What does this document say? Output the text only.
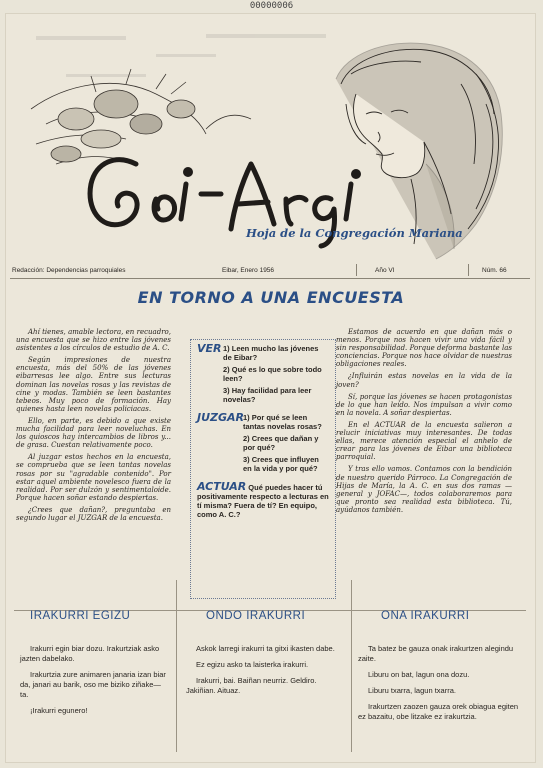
00000006
Hoja de la Congregación Mariana
Redacción: Dependencias parroquiales	Eibar, Enero 1956	Año VI	Núm. 66
EN TORNO A UNA ENCUESTA

Ahí tienes, amable lectora, en recuadro, una encuesta que se hizo entre las jóvenes asistentes a los círculos de estudio de A. C.

Según impresiones de nuestra encuesta, más del 50% de las jóvenes eibarresas lee algo. Entre sus lecturas dominan las novelas rosas y las revistas de cine y modas. También se leen bastantes tebeos. Muy poco de formación. Hay quienes hasta leen novelas policiacas.

Ello, en parte, es debido a que existe mucha facilidad para leer noveluchas. En los quioscos hay intercambios de libros y... de grasa. Cuestan relativamente poco.

Al juzgar estos hechos en la encuesta, se comprueba que se leen tantas novelas rosas por su "agradable contenido". Por estar aquel ambiente novelesco fuera de la realidad. Por ser dulzón y sentimentaloide. Porque hacen soñar estando despiertas.

¿Crees que dañan?, preguntaba en segundo lugar el JUZGAR de la encuesta.

VER 1) Leen mucho las jóvenes de Eibar?
2) Qué es lo que sobre todo leen?
3) Hay facilidad para leer novelas?
JUZGAR
1) Por qué se leen tantas novelas rosas?
2) Crees que dañan y por qué?
3) Crees que influyen en la vida y por qué?
ACTUAR Qué puedes hacer tú positivamente respecto a lecturas en tí misma? Fuera de tí? En equipo, como A. C.?

Estamos de acuerdo en que dañan más o menos. Porque nos hacen vivir una vida fácil y sin responsabilidad. Porque deforma bastante las conciencias. Porque nos hace olvidar de nuestras obligaciones reales.

¿Influirán estas novelas en la vida de la joven?

Sí, porque las jóvenes se hacen protagonistas de lo que han leído. Nos impulsan a vivir como en la novela. A soñar despiertas.

En el ACTUAR de la encuesta salieron a relucir iniciativas muy interesantes. De todas ellas, merece atención especial el anhelo de crear para las jóvenes de Eibar una biblioteca parroquial.

Y tras ello vamos. Contamos con la bendición de nuestro querido Párroco. La Congregación de Hijas de María, la A. C. en sus dos ramas —general y JOFAC—, todos colaboraremos para que pronto sea realidad esta biblioteca. Tú, ayúdanos también.

IRAKURRI EGIZU	ONDO IRAKURRI	ONA IRAKURRI

Irakurri egin biar dozu. Irakurtziak asko jazten dabelako.

Irakurtzia zure animaren janaria izan biar da, janari au barik, oso me biziko ziñake—ta.

¡Irakurri egunero!

Askok larregi irakurri ta gitxi ikasten dabe.

Ez egizu asko ta laisterka irakurri.

Irakurri, bai. Baiñan neurriz. Geldiro. Jakiñian. Aituaz.

Ta batez be gauza onak irakurtzen alegindu zaite.

Liburu on bat, lagun ona dozu.

Liburu txarra, lagun txarra.

Irakurtzen zaozen gauza orek obiagua egiten ez bazaitu, obe litzake ez irakurtzia.
